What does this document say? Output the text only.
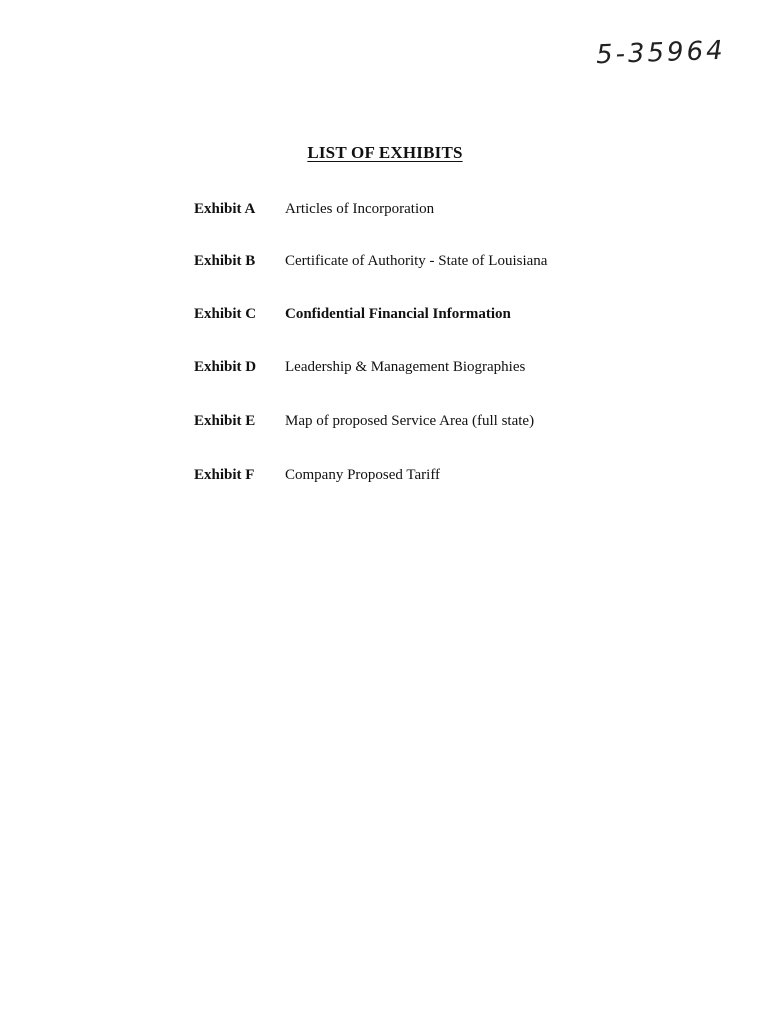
5-35964
LIST OF EXHIBITS
Exhibit A Articles of Incorporation
Exhibit B Certificate of Authority - State of Louisiana
Exhibit C Confidential Financial Information
Exhibit D Leadership & Management Biographies
Exhibit E Map of proposed Service Area (full state)
Exhibit F Company Proposed Tariff
